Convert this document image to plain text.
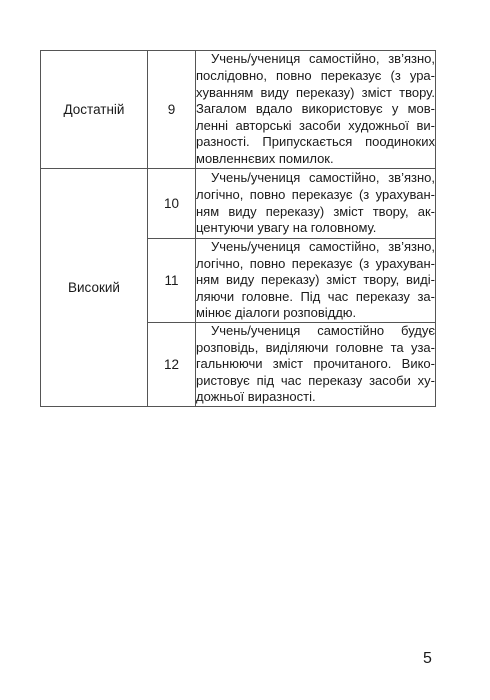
Достатній	9	Учень/учениця самостійно, зв’язно, послідовно, повно переказує (з урахуванням виду переказу) зміст твору. Загалом вдало використовує у мовленні авторські засоби художньої виразності. Припускається поодиноких мовленнєвих помилок.
Високий	10	Учень/учениця самостійно, зв’язно, логічно, повно переказує (з урахуванням виду переказу) зміст твору, акцентуючи увагу на головному.
	11	Учень/учениця самостійно, зв’язно, логічно, повно переказує (з урахуванням виду переказу) зміст твору, виділяючи головне. Під час переказу замінює діалоги розповіддю.
	12	Учень/учениця самостійно будує розповідь, виділяючи головне та узагальнюючи зміст прочитаного. Використовує під час переказу засоби художньої виразності.
5
